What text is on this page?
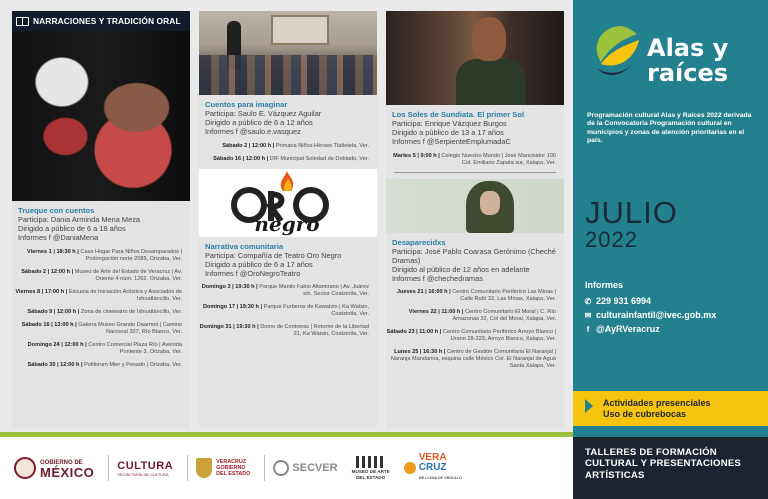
NARRACIONES Y TRADICIÓN ORAL
Trueque con cuentos
Participa: Dania Arminda Mena Meza
Dirigido a público de 6 a 18 años
Informes f @DaniaMena
Viernes 1 | 18:30 h | Casa Hogar Para Niños Desamparados | Prolongación norte 2085, Orizaba, Ver.
Sábado 2 | 12:00 h | Museo de Arte del Estado de Veracruz | Av. Oriente 4 núm. 1262. Orizaba, Ver.
Viernes 8 | 17:00 h | Escuela de Iniciación Artística y Asociados de Ixhuatláncillo, Ver.
Sábado 9 | 12:00 h | Zona de cineteatro de Ixhuatláncillo, Ver.
Sábado 16 | 13:00 h | Galería Museo Grande Daarmot | Camino Nacional 327, Río Blanco, Ver.
Domingo 24 | 12:00 h | Centro Comercial Plaza Río | Avenida Poniente 3, Orizaba, Ver.
Sábado 30 | 12:00 h | Poliforum Mier y Pesado | Orizaba, Ver.
Cuentos para imaginar
Participa: Saulo E. Vázquez Aguilar
Dirigido a público de 6 a 12 años
Informes f @saulo.e.vasquez
Sábado 2 | 12:00 h | Primaria Niños Héroes Tlaltetela, Ver.
Sábado 16 | 12:00 h | DIF Municipal Soledad de Doblado, Ver.
negro
Narrativa comunitaria
Participa: Compañía de Teatro Oro Negro
Dirigido a público de 6 a 17 años
Informes f @OroNegroTeatro
Domingo 3 | 19:30 h | Parque Manilo Fabio Altamirano | Av. Juárez s/n. Sector Coatzintla, Ver.
Domingo 17 | 19:30 h | Parque Furberos de Kawatzin | Ka Watsin, Coatzintla, Ver.
Domingo 31 | 19:30 h | Domo de Contreras | Retorno de la Libertad 21, Ka Watsin, Coatzintla, Ver.
Los Soles de Sundiata. El primer Sol
Participa: Enrique Vázquez Burgos
Dirigido a público de 13 a 17 años
Informes f @SerpienteEmplumadaC
Martes 5 | 9:00 h | Colegio Nuestro Mundo | José Mancisidor 100 Col. Emiliano Zapata sur, Xalapa, Ver.
Desaparecidxs
Participa: José Pablo Coarasa Gerónimo (Cheché Dramas)
Dirigido al público de 12 años en adelante
Informes f @chechedramas
Jueves 21 | 16:00 h | Centro Comunitario Periférico Las Minas | Calle Rubí 32, Las Minas, Xalapa, Ver.
Viernes 22 | 11:00 h | Centro Comunitario El Moral | C. Río Amazonas 32, Col del Moral, Xalapa, Ver.
Sábado 23 | 11:00 h | Centro Comunitario Periférico Arroyo Blanco | Urano 28-223, Arroyo Blanco, Xalapa, Ver.
Lunes 25 | 16:30 h | Centro de Gestión Comunitaria El Naranjal | Naranja Mandarina, esquina calle México Col. El Naranjal de Agua Santa Xalapa, Ver.
Alas y
raíces
Programación cultural Alas y Raíces 2022 derivada de la Convocatoria Programación cultural en municipios y zonas de atención prioritarias en el país.
JULIO
2022
Informes
✆ 229 931 6994
✉ culturainfantil@ivec.gob.mx
f @AyRVeracruz
Actividades presenciales
Uso de cubrebocas
GOBIERNO DE
MÉXICO CULTURA
SECRETARÍA DE CULTURA
VERACRUZ
GOBIERNO
DEL ESTADO	SECVER	MUSEO DE ARTE
DEL ESTADO
VERA
CRUZ
ME LLENA DE ORGULLO
TALLERES DE FORMACIÓN CULTURAL Y PRESENTACIONES ARTÍSTICAS
